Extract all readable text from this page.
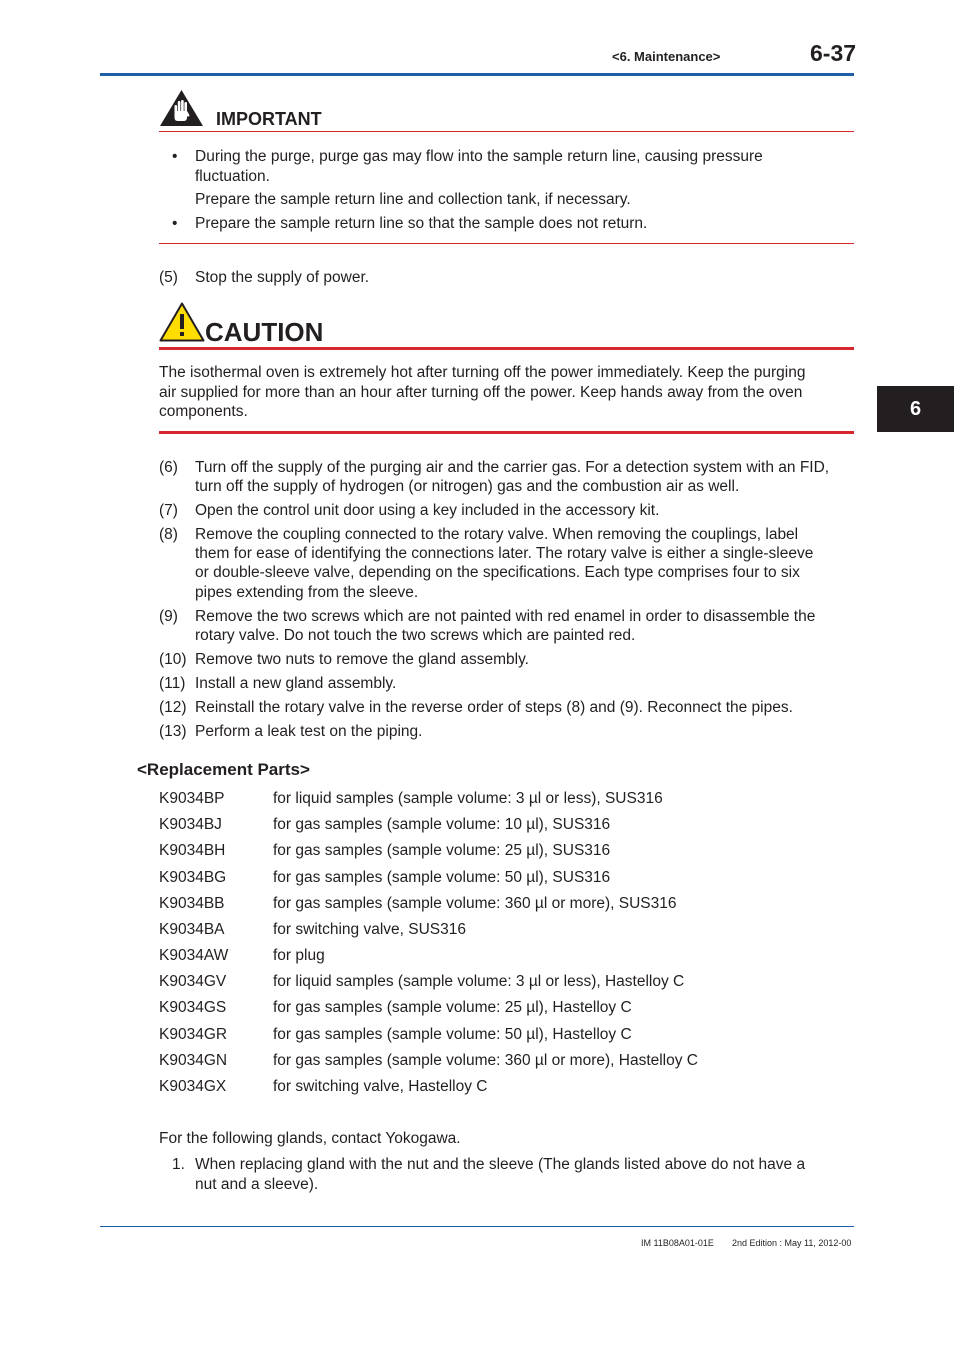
<6. Maintenance>	6-37
IMPORTANT
• During the purge, purge gas may flow into the sample return line, causing pressure
fluctuation.
Prepare the sample return line and collection tank, if necessary.
• Prepare the sample return line so that the sample does not return.
(5) Stop the supply of power.
CAUTION
The isothermal oven is extremely hot after turning off the power immediately. Keep the purging
air supplied for more than an hour after turning off the power. Keep hands away from the oven
components.
(6) Turn off the supply of the purging air and the carrier gas. For a detection system with an FID,
turn off the supply of hydrogen (or nitrogen) gas and the combustion air as well.
(7) Open the control unit door using a key included in the accessory kit.
(8) Remove the coupling connected to the rotary valve. When removing the couplings, label
them for ease of identifying the connections later. The rotary valve is either a single-sleeve
or double-sleeve valve, depending on the specifications. Each type comprises four to six
pipes extending from the sleeve.
(9) Remove the two screws which are not painted with red enamel in order to disassemble the
rotary valve. Do not touch the two screws which are painted red.
(10) Remove two nuts to remove the gland assembly.
(11) Install a new gland assembly.
(12) Reinstall the rotary valve in the reverse order of steps (8) and (9). Reconnect the pipes.
(13) Perform a leak test on the piping.
<Replacement Parts>
K9034BP	for liquid samples (sample volume: 3 µl or less), SUS316
K9034BJ	for gas samples (sample volume: 10 µl), SUS316
K9034BH	for gas samples (sample volume: 25 µl), SUS316
K9034BG	for gas samples (sample volume: 50 µl), SUS316
K9034BB	for gas samples (sample volume: 360 µl or more), SUS316
K9034BA	for switching valve, SUS316
K9034AW	for plug
K9034GV	for liquid samples (sample volume: 3 µl or less), Hastelloy C
K9034GS	for gas samples (sample volume: 25 µl), Hastelloy C
K9034GR	for gas samples (sample volume: 50 µl), Hastelloy C
K9034GN	for gas samples (sample volume: 360 µl or more), Hastelloy C
K9034GX	for switching valve, Hastelloy C
For the following glands, contact Yokogawa.
1. When replacing gland with the nut and the sleeve (The glands listed above do not have a
nut and a sleeve).
6
IM 11B08A01-01E 2nd Edition : May 11, 2012-00
